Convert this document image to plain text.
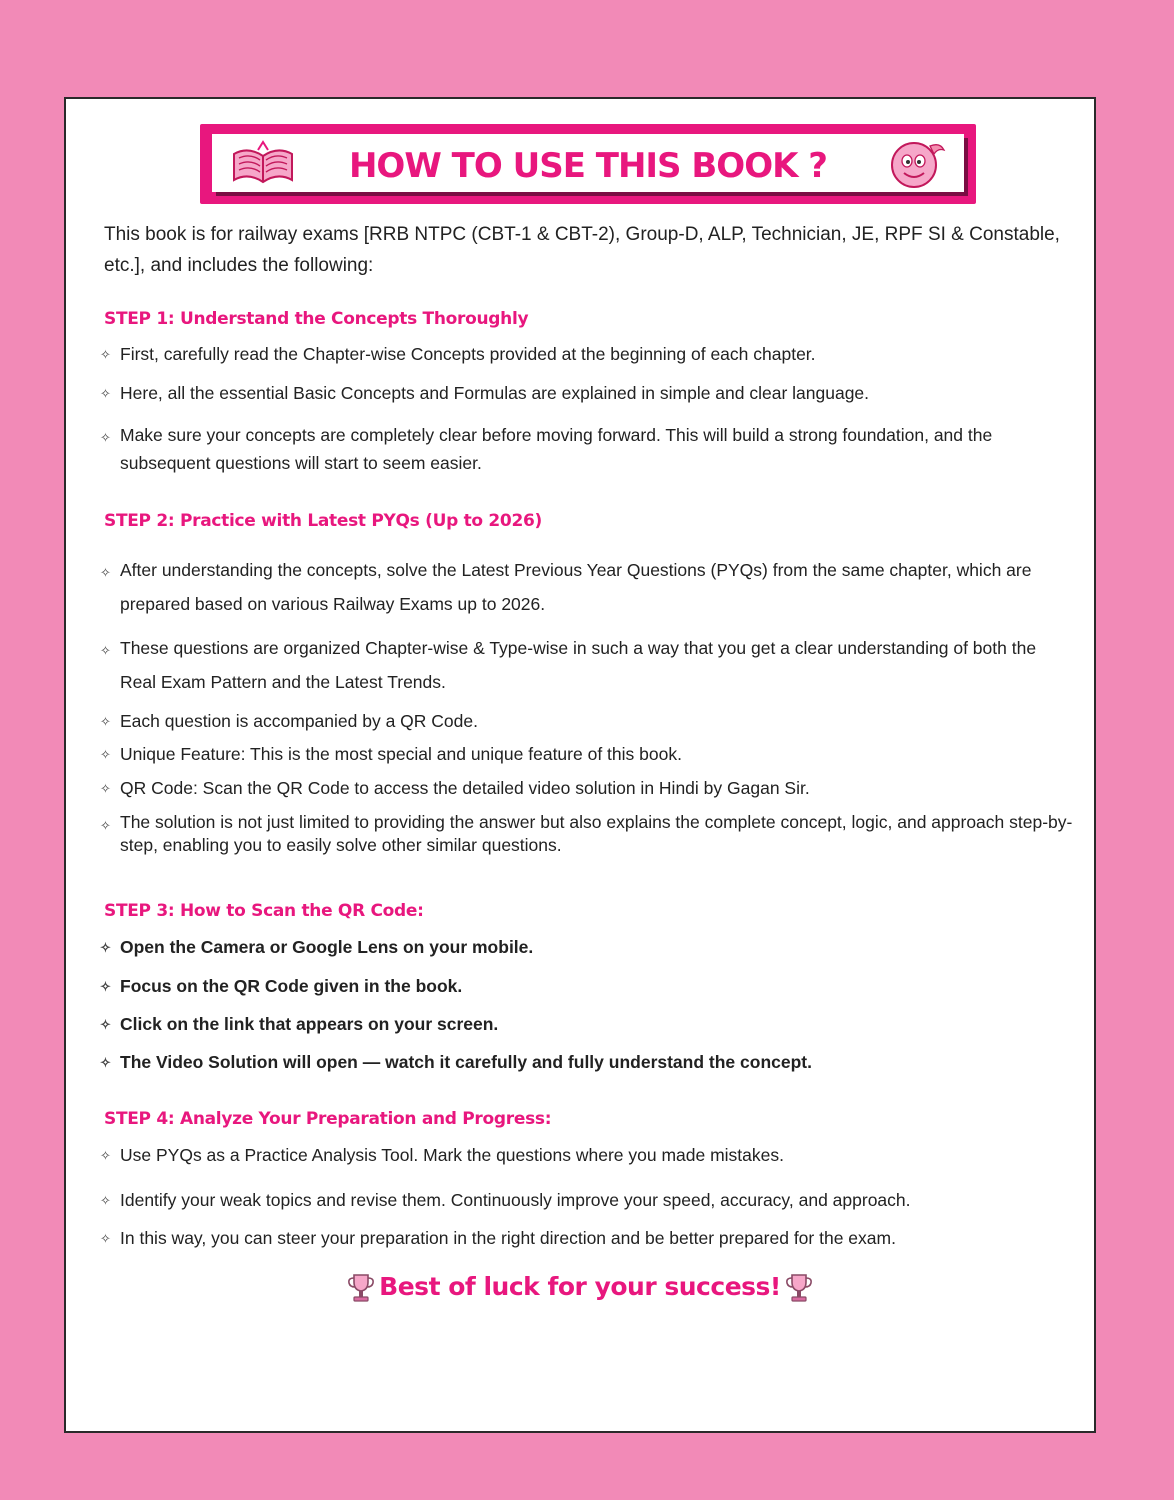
HOW TO USE THIS BOOK ?
This book is for railway exams [RRB NTPC (CBT-1 & CBT-2), Group-D, ALP, Technician, JE, RPF SI & Constable, etc.], and includes the following:
STEP 1: Understand the Concepts Thoroughly
✧ First, carefully read the Chapter-wise Concepts provided at the beginning of each chapter.
✧ Here, all the essential Basic Concepts and Formulas are explained in simple and clear language.
✧ Make sure your concepts are completely clear before moving forward. This will build a strong foundation, and the subsequent questions will start to seem easier.
STEP 2: Practice with Latest PYQs (Up to 2026)
✧ After understanding the concepts, solve the Latest Previous Year Questions (PYQs) from the same chapter, which are prepared based on various Railway Exams up to 2026.
✧ These questions are organized Chapter-wise & Type-wise in such a way that you get a clear understanding of both the Real Exam Pattern and the Latest Trends.
✧ Each question is accompanied by a QR Code.
✧ Unique Feature: This is the most special and unique feature of this book.
✧ QR Code: Scan the QR Code to access the detailed video solution in Hindi by Gagan Sir.
✧ The solution is not just limited to providing the answer but also explains the complete concept, logic, and approach step-by-step, enabling you to easily solve other similar questions.
STEP 3: How to Scan the QR Code:
✧ Open the Camera or Google Lens on your mobile.
✧ Focus on the QR Code given in the book.
✧ Click on the link that appears on your screen.
✧ The Video Solution will open — watch it carefully and fully understand the concept.
STEP 4: Analyze Your Preparation and Progress:
✧ Use PYQs as a Practice Analysis Tool. Mark the questions where you made mistakes.
✧ Identify your weak topics and revise them. Continuously improve your speed, accuracy, and approach.
✧ In this way, you can steer your preparation in the right direction and be better prepared for the exam.
Best of luck for your success!
